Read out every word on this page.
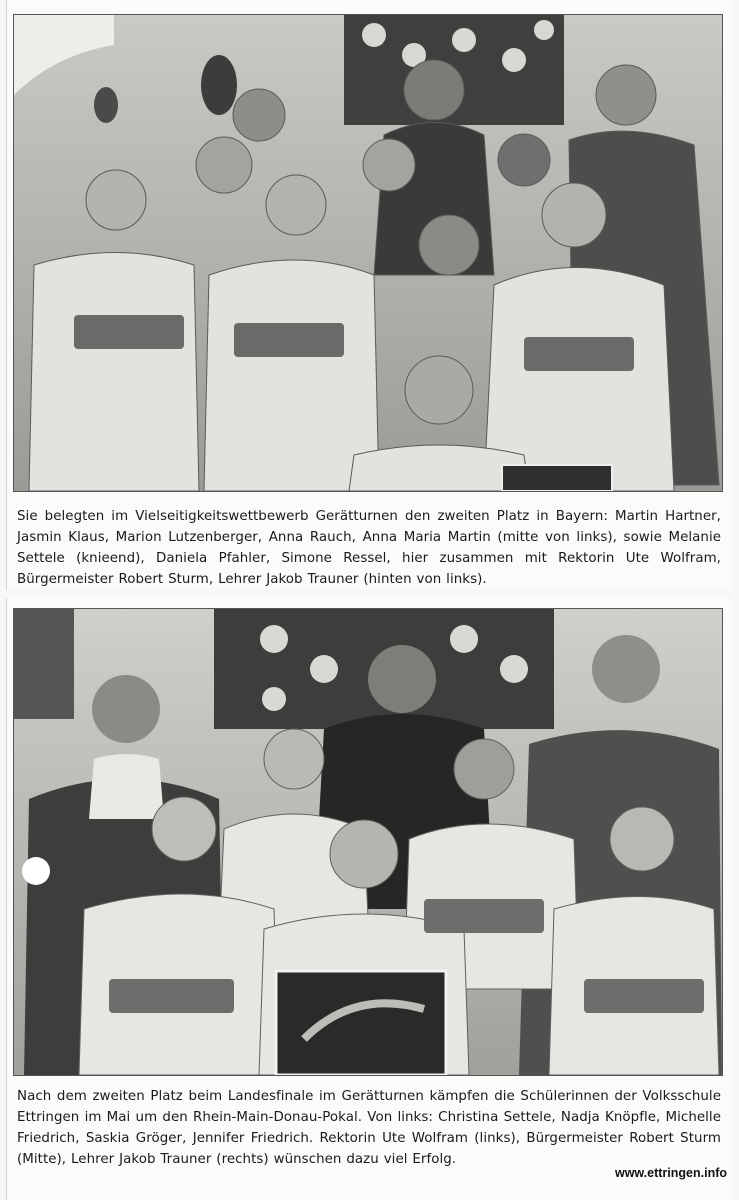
Sie belegten im Vielseitigkeitswettbewerb Gerätturnen den zweiten Platz in Bayern: Martin Hartner, Jasmin Klaus, Marion Lutzenberger, Anna Rauch, Anna Maria Martin (mitte von links), sowie Melanie Settele (knieend), Daniela Pfahler, Simone Ressel, hier zusammen mit Rektorin Ute Wolfram, Bürgermeister Robert Sturm, Lehrer Jakob Trauner (hinten von links).

Nach dem zweiten Platz beim Landesfinale im Gerätturnen kämpfen die Schülerinnen der Volksschule Ettringen im Mai um den Rhein-Main-Donau-Pokal. Von links: Christina Settele, Nadja Knöpfle, Michelle Friedrich, Saskia Gröger, Jennifer Friedrich. Rektorin Ute Wolfram (links), Bürgermeister Robert Sturm (Mitte), Lehrer Jakob Trauner (rechts) wünschen dazu viel Erfolg.

www.ettringen.info
